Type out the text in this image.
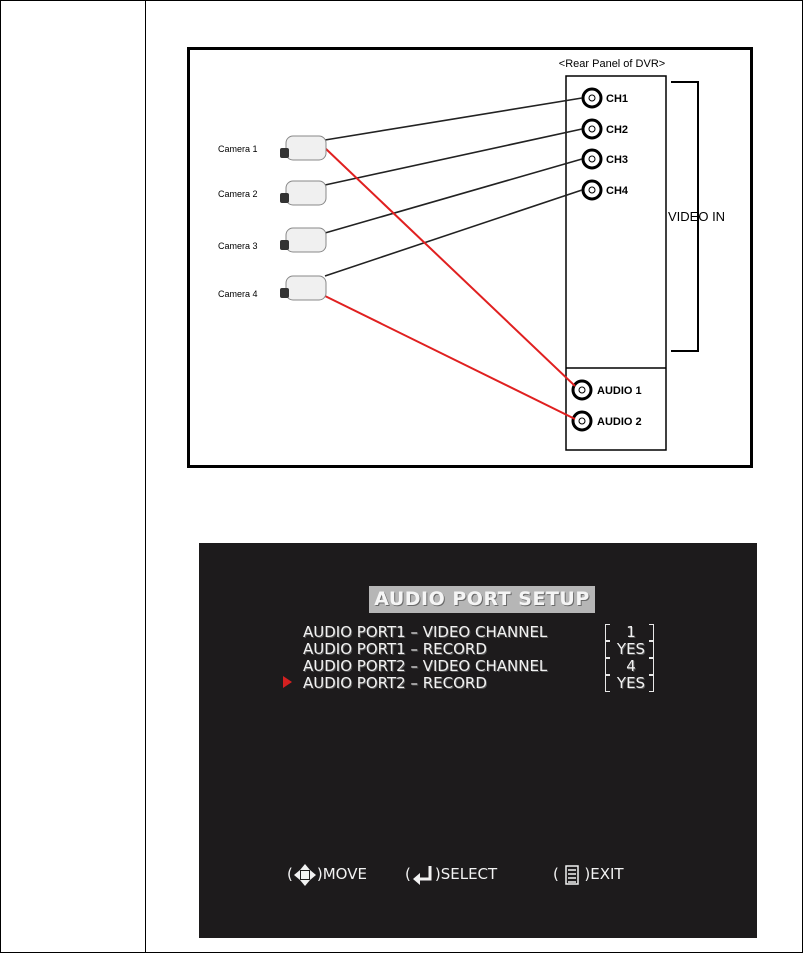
<Rear Panel of DVR>
VIDEO IN
CH1
CH2
CH3
CH4
AUDIO 1
AUDIO 2
Camera 1
Camera 2
Camera 3
Camera 4
AUDIO PORT SETUP
AUDIO PORT1 – VIDEO CHANNEL	1
AUDIO PORT1 – RECORD	YES
AUDIO PORT2 – VIDEO CHANNEL	4
AUDIO PORT2 – RECORD	YES
( )MOVE	( )SELECT	(  )EXIT
